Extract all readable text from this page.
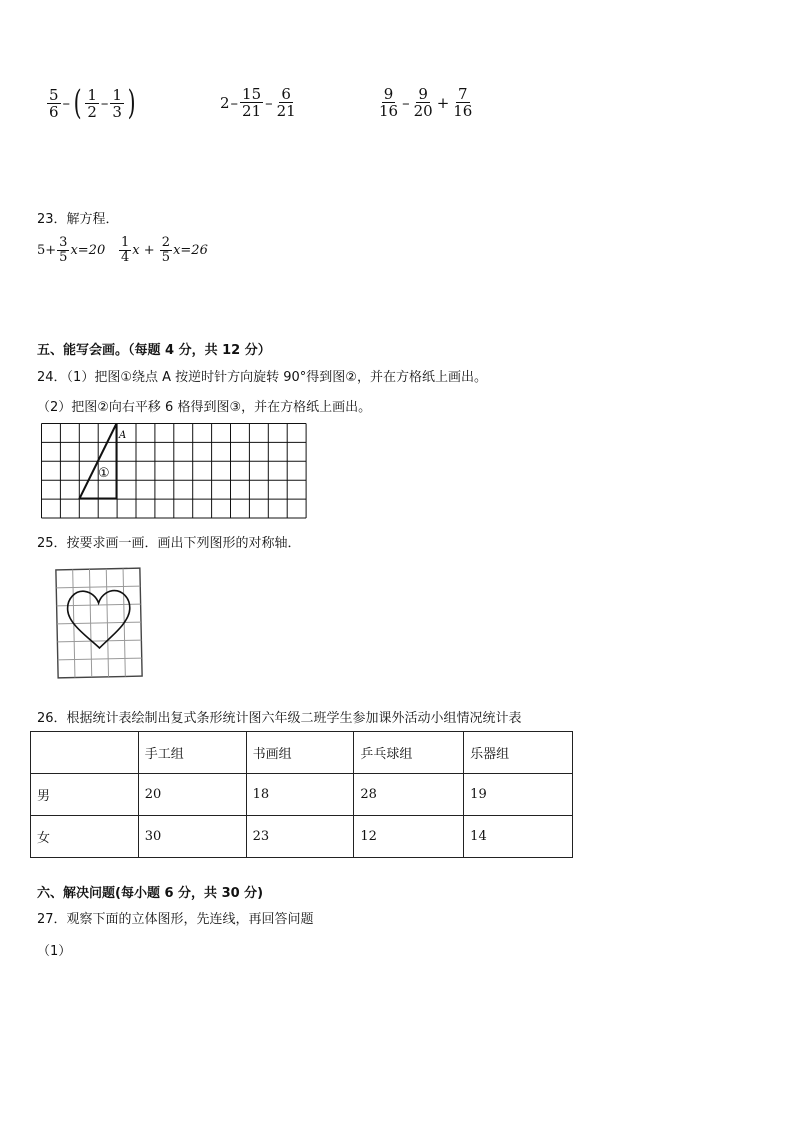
$\frac{5}{6}$ – ( $\frac{1}{2} - \frac{1}{3}$ )	$2 - \frac{15}{21} - \frac{6}{21}$	$\frac{9}{16} - \frac{9}{20} + \frac{7}{16}$
23．解方程．
$5+ \frac{3}{5} x=20 \frac{1}{4}$ $x + \frac{2}{5} x=26$
五、能写会画。（每题 4 分，共 12 分）
24．（1）把图①绕点 A 按逆时针方向旋转 90°得到图②，并在方格纸上画出。
（2）把图②向右平移 6 格得到图③，并在方格纸上画出。
A
①
25．按要求画一画．画出下列图形的对称轴．
26．根据统计表绘制出复式条形统计图六年级二班学生参加课外活动小组情况统计表
	手工组	书画组	乒乓球组	乐器组
男	20	18	28	19
女	30	23	12	14
六、解决问题(每小题 6 分，共 30 分)
27．观察下面的立体图形，先连线，再回答问题
（1）
